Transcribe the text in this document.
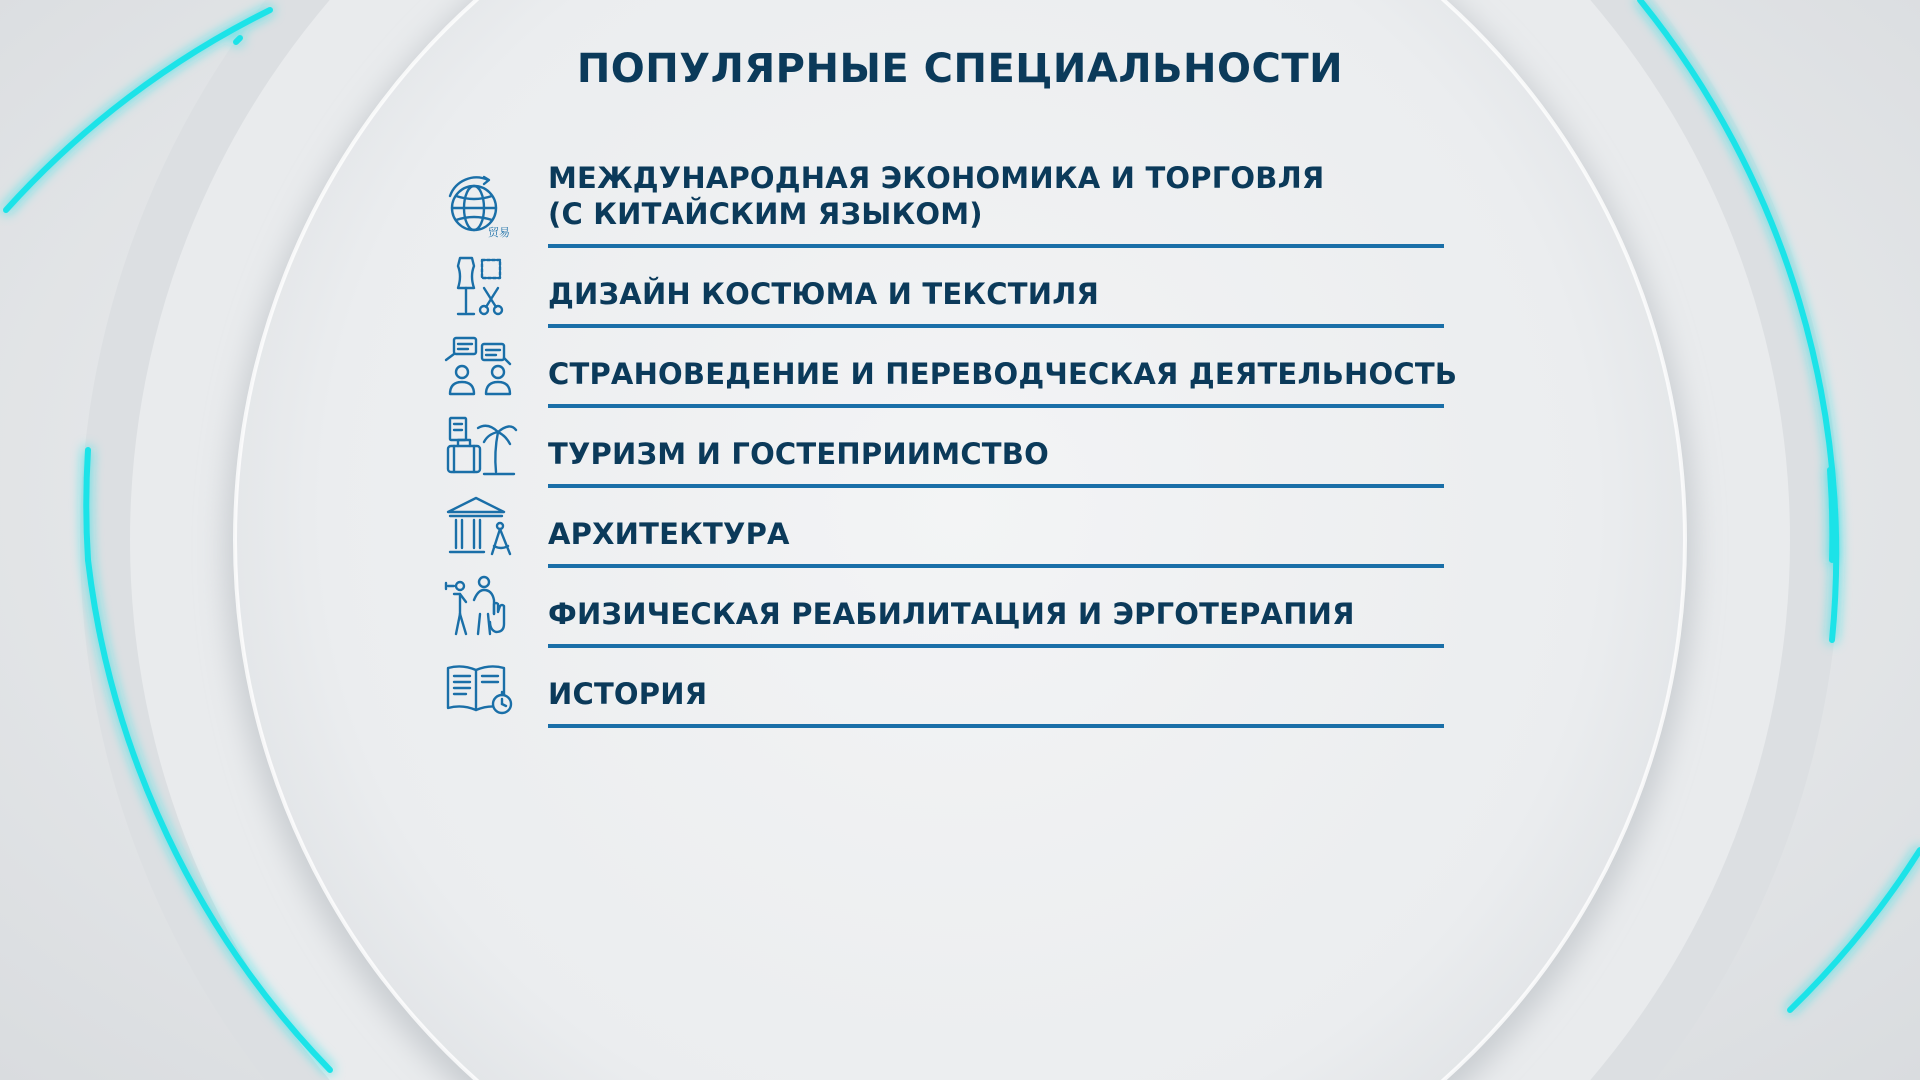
ПОПУЛЯРНЫЕ СПЕЦИАЛЬНОСТИ
贸易
МЕЖДУНАРОДНАЯ ЭКОНОМИКА И ТОРГОВЛЯ
(С КИТАЙСКИМ ЯЗЫКОМ)
ДИЗАЙН КОСТЮМА И ТЕКСТИЛЯ
СТРАНОВЕДЕНИЕ И ПЕРЕВОДЧЕСКАЯ ДЕЯТЕЛЬНОСТЬ
ТУРИЗМ И ГОСТЕПРИИМСТВО
АРХИТЕКТУРА
ФИЗИЧЕСКАЯ РЕАБИЛИТАЦИЯ И ЭРГОТЕРАПИЯ
ИСТОРИЯ
